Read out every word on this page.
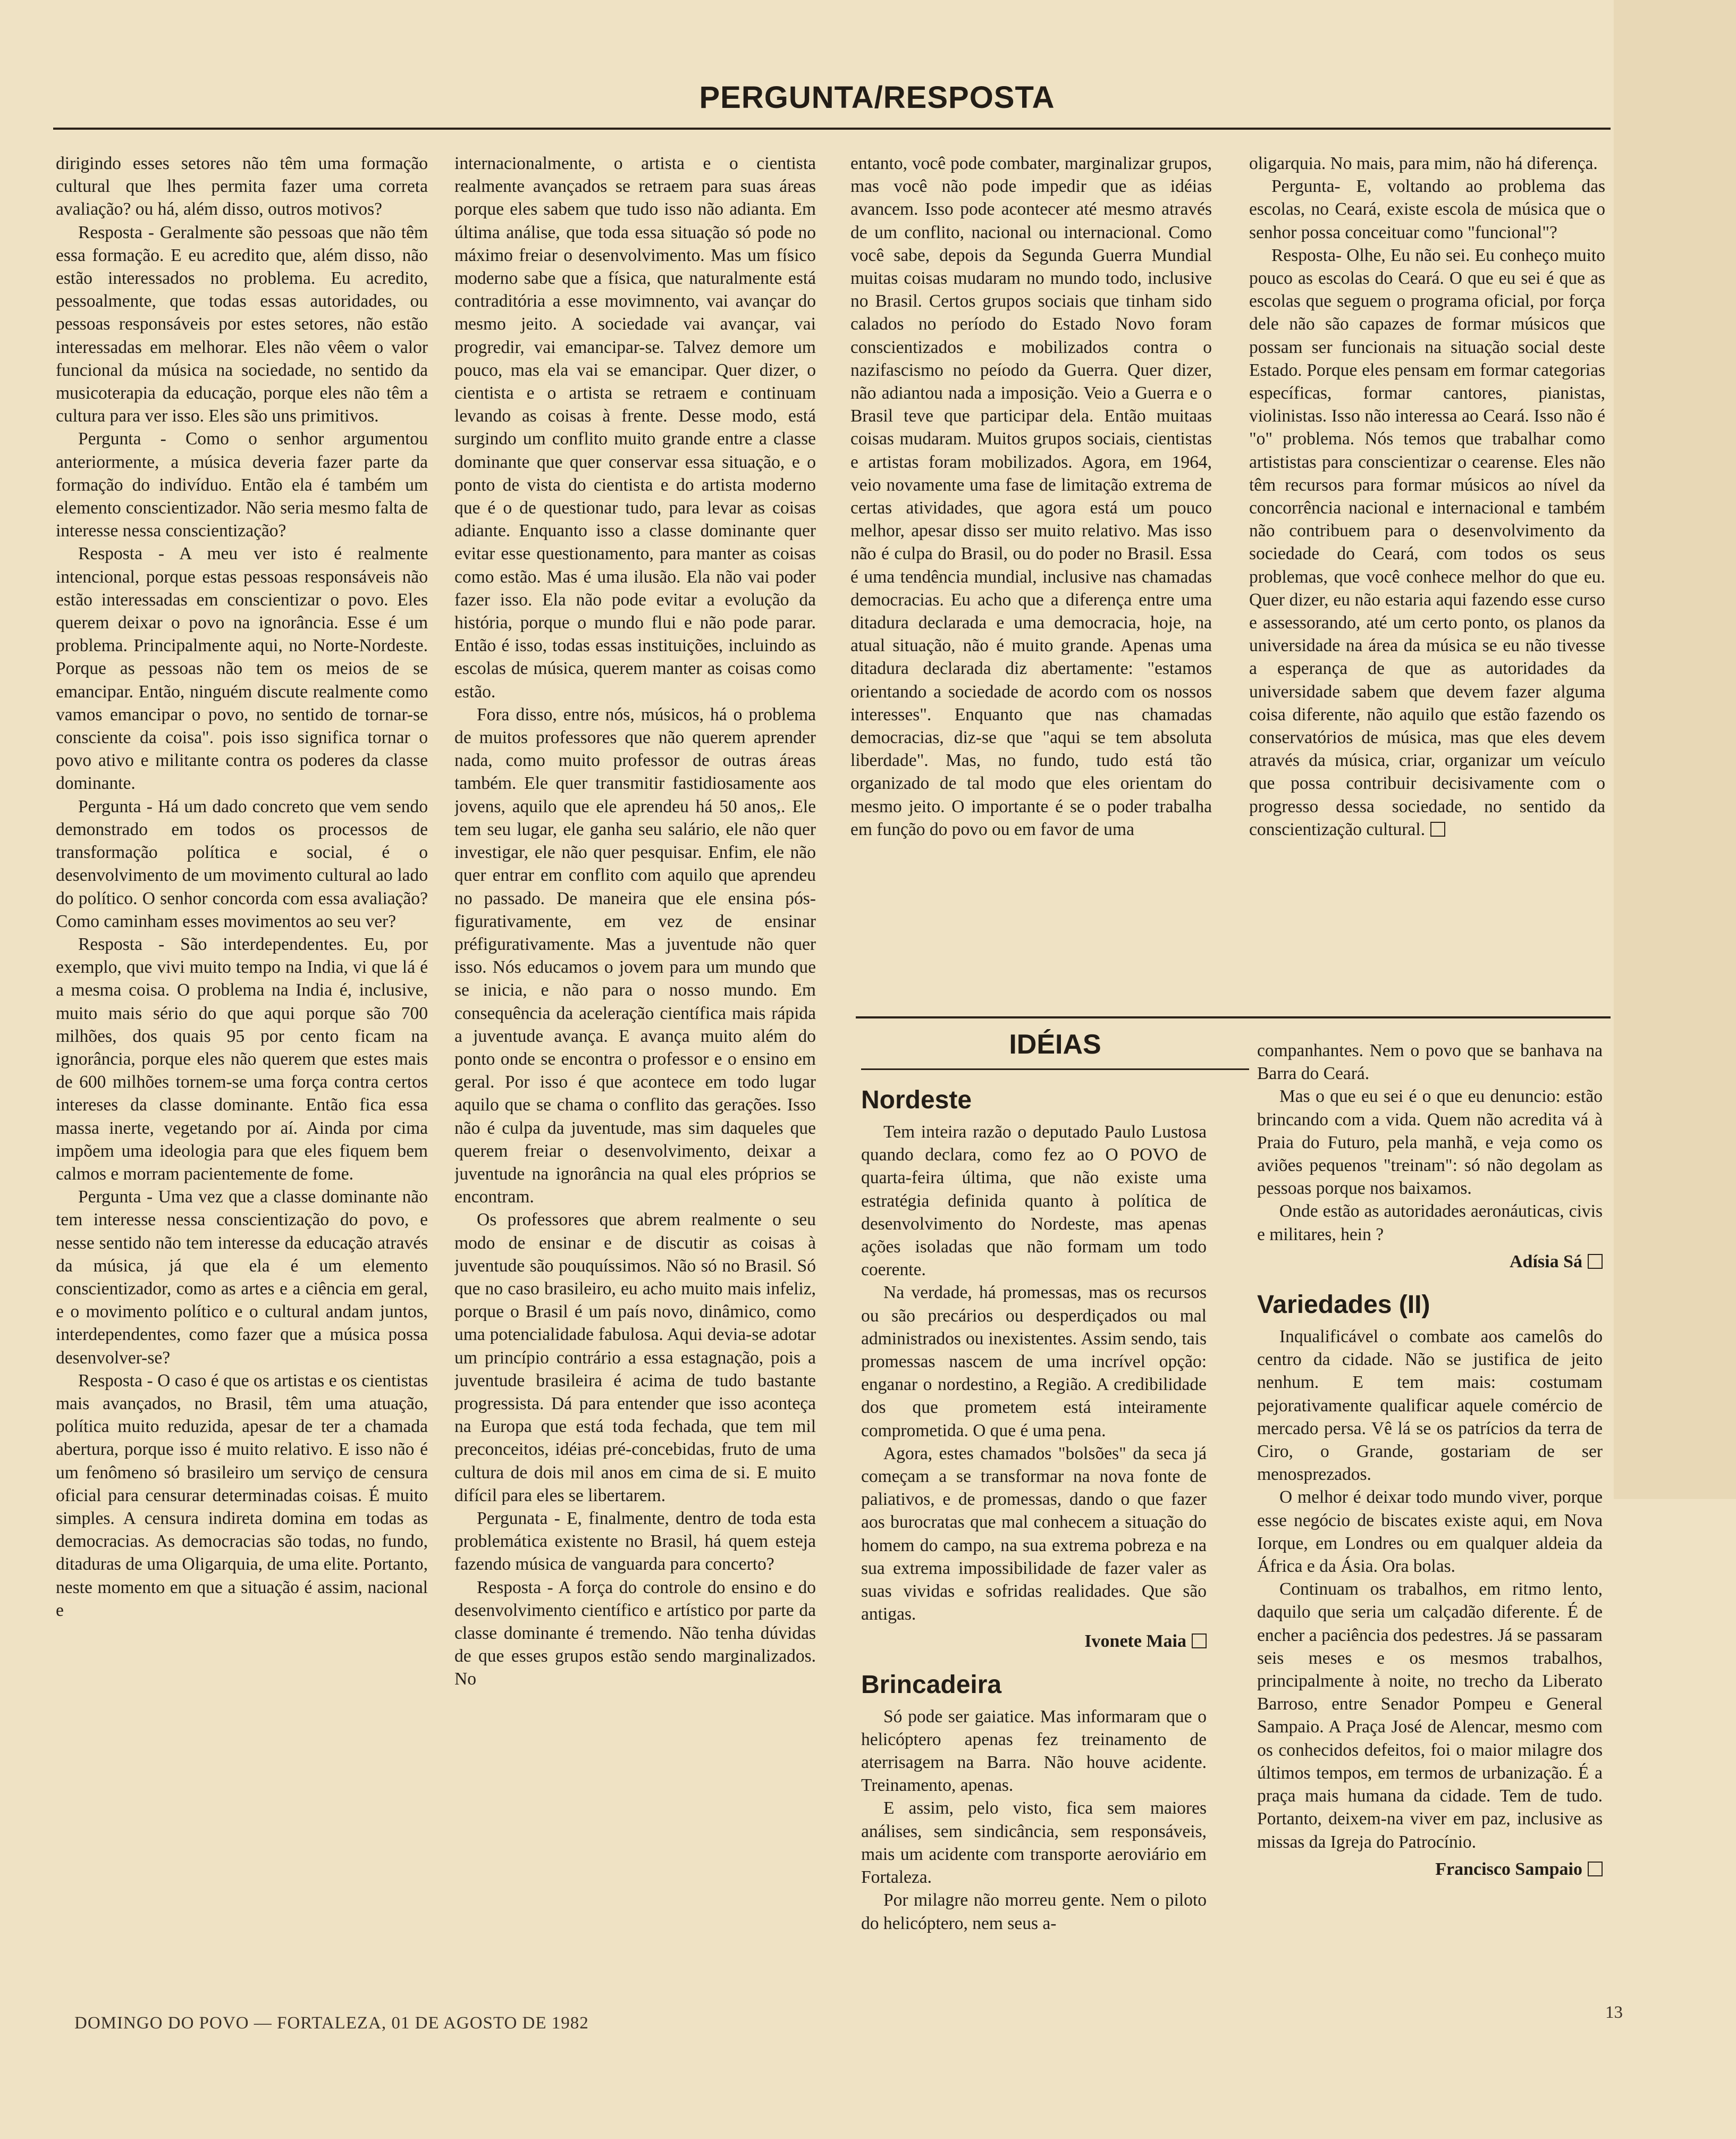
PERGUNTA/RESPOSTA

dirigindo esses setores não têm uma formação cultural que lhes permita fazer uma correta avaliação? ou há, além disso, outros motivos?

Resposta - Geralmente são pessoas que não têm essa formação. E eu acredito que, além disso, não estão interessados no problema. Eu acredito, pessoalmente, que todas essas autoridades, ou pessoas responsáveis por estes setores, não estão interessadas em melhorar. Eles não vêem o valor funcional da música na sociedade, no sentido da musicoterapia da educação, porque eles não têm a cultura para ver isso. Eles são uns primitivos.

Pergunta - Como o senhor argumentou anteriormente, a música deveria fazer parte da formação do indivíduo. Então ela é também um elemento conscientizador. Não seria mesmo falta de interesse nessa conscientização?

Resposta - A meu ver isto é realmente intencional, porque estas pessoas responsáveis não estão interessadas em conscientizar o povo. Eles querem deixar o povo na ignorância. Esse é um problema. Principalmente aqui, no Norte-Nordeste. Porque as pessoas não tem os meios de se emancipar. Então, ninguém discute realmente como vamos emancipar o povo, no sentido de tornar-se consciente da coisa". pois isso significa tornar o povo ativo e militante contra os poderes da classe dominante.

Pergunta - Há um dado concreto que vem sendo demonstrado em todos os processos de transformação política e social, é o desenvolvimento de um movimento cultural ao lado do político. O senhor concorda com essa avaliação? Como caminham esses movimentos ao seu ver?

Resposta - São interdependentes. Eu, por exemplo, que vivi muito tempo na India, vi que lá é a mesma coisa. O problema na India é, inclusive, muito mais sério do que aqui porque são 700 milhões, dos quais 95 por cento ficam na ignorância, porque eles não querem que estes mais de 600 milhões tornem-se uma força contra certos intereses da classe dominante. Então fica essa massa inerte, vegetando por aí. Ainda por cima impõem uma ideologia para que eles fiquem bem calmos e morram pacientemente de fome.

Pergunta - Uma vez que a classe dominante não tem interesse nessa conscientização do povo, e nesse sentido não tem interesse da educação através da música, já que ela é um elemento conscientizador, como as artes e a ciência em geral, e o movimento político e o cultural andam juntos, interdependentes, como fazer que a música possa desenvolver-se?

Resposta - O caso é que os artistas e os cientistas mais avançados, no Brasil, têm uma atuação, política muito reduzida, apesar de ter a chamada abertura, porque isso é muito relativo. E isso não é um fenômeno só brasileiro um serviço de censura oficial para censurar determinadas coisas. É muito simples. A censura indireta domina em todas as democracias. As democracias são todas, no fundo, ditaduras de uma Oligarquia, de uma elite. Portanto, neste momento em que a situação é assim, nacional e

internacionalmente, o artista e o cientista realmente avançados se retraem para suas áreas porque eles sabem que tudo isso não adianta. Em última análise, que toda essa situação só pode no máximo freiar o desenvolvimento. Mas um físico moderno sabe que a física, que naturalmente está contraditória a esse movimnento, vai avançar do mesmo jeito. A sociedade vai avançar, vai progredir, vai emancipar-se. Talvez demore um pouco, mas ela vai se emancipar. Quer dizer, o cientista e o artista se retraem e continuam levando as coisas à frente. Desse modo, está surgindo um conflito muito grande entre a classe dominante que quer conservar essa situação, e o ponto de vista do cientista e do artista moderno que é o de questionar tudo, para levar as coisas adiante. Enquanto isso a classe dominante quer evitar esse questionamento, para manter as coisas como estão. Mas é uma ilusão. Ela não vai poder fazer isso. Ela não pode evitar a evolução da história, porque o mundo flui e não pode parar. Então é isso, todas essas instituições, incluindo as escolas de música, querem manter as coisas como estão.

Fora disso, entre nós, músicos, há o problema de muitos professores que não querem aprender nada, como muito professor de outras áreas também. Ele quer transmitir fastidiosamente aos jovens, aquilo que ele aprendeu há 50 anos,. Ele tem seu lugar, ele ganha seu salário, ele não quer investigar, ele não quer pesquisar. Enfim, ele não quer entrar em conflito com aquilo que aprendeu no passado. De maneira que ele ensina pós-figurativamente, em vez de ensinar préfigurativamente. Mas a juventude não quer isso. Nós educamos o jovem para um mundo que se inicia, e não para o nosso mundo. Em consequência da aceleração científica mais rápida a juventude avança. E avança muito além do ponto onde se encontra o professor e o ensino em geral. Por isso é que acontece em todo lugar aquilo que se chama o conflito das gerações. Isso não é culpa da juventude, mas sim daqueles que querem freiar o desenvolvimento, deixar a juventude na ignorância na qual eles próprios se encontram.

Os professores que abrem realmente o seu modo de ensinar e de discutir as coisas à juventude são pouquíssimos. Não só no Brasil. Só que no caso brasileiro, eu acho muito mais infeliz, porque o Brasil é um país novo, dinâmico, como uma potencialidade fabulosa. Aqui devia-se adotar um princípio contrário a essa estagnação, pois a juventude brasileira é acima de tudo bastante progressista. Dá para entender que isso aconteça na Europa que está toda fechada, que tem mil preconceitos, idéias pré-concebidas, fruto de uma cultura de dois mil anos em cima de si. E muito difícil para eles se libertarem.

Pergunata - E, finalmente, dentro de toda esta problemática existente no Brasil, há quem esteja fazendo música de vanguarda para concerto?

Resposta - A força do controle do ensino e do desenvolvimento científico e artístico por parte da classe dominante é tremendo. Não tenha dúvidas de que esses grupos estão sendo marginalizados. No

entanto, você pode combater, marginalizar grupos, mas você não pode impedir que as idéias avancem. Isso pode acontecer até mesmo através de um conflito, nacional ou internacional. Como você sabe, depois da Segunda Guerra Mundial muitas coisas mudaram no mundo todo, inclusive no Brasil. Certos grupos sociais que tinham sido calados no período do Estado Novo foram conscientizados e mobilizados contra o nazifascismo no peíodo da Guerra. Quer dizer, não adiantou nada a imposição. Veio a Guerra e o Brasil teve que participar dela. Então muitaas coisas mudaram. Muitos grupos sociais, cientistas e artistas foram mobilizados. Agora, em 1964, veio novamente uma fase de limitação extrema de certas atividades, que agora está um pouco melhor, apesar disso ser muito relativo. Mas isso não é culpa do Brasil, ou do poder no Brasil. Essa é uma tendência mundial, inclusive nas chamadas democracias. Eu acho que a diferença entre uma ditadura declarada e uma democracia, hoje, na atual situação, não é muito grande. Apenas uma ditadura declarada diz abertamente: "estamos orientando a sociedade de acordo com os nossos interesses". Enquanto que nas chamadas democracias, diz-se que "aqui se tem absoluta liberdade". Mas, no fundo, tudo está tão organizado de tal modo que eles orientam do mesmo jeito. O importante é se o poder trabalha em função do povo ou em favor de uma

oligarquia. No mais, para mim, não há diferença.

Pergunta- E, voltando ao problema das escolas, no Ceará, existe escola de música que o senhor possa conceituar como "funcional"?

Resposta- Olhe, Eu não sei. Eu conheço muito pouco as escolas do Ceará. O que eu sei é que as escolas que seguem o programa oficial, por força dele não são capazes de formar músicos que possam ser funcionais na situação social deste Estado. Porque eles pensam em formar categorias específicas, formar cantores, pianistas, violinistas. Isso não interessa ao Ceará. Isso não é "o" problema. Nós temos que trabalhar como artististas para conscientizar o cearense. Eles não têm recursos para formar músicos ao nível da concorrência nacional e internacional e também não contribuem para o desenvolvimento da sociedade do Ceará, com todos os seus problemas, que você conhece melhor do que eu. Quer dizer, eu não estaria aqui fazendo esse curso e assessorando, até um certo ponto, os planos da universidade na área da música se eu não tivesse a esperança de que as autoridades da universidade sabem que devem fazer alguma coisa diferente, não aquilo que estão fazendo os conservatórios de música, mas que eles devem através da música, criar, organizar um veículo que possa contribuir decisivamente com o progresso dessa sociedade, no sentido da conscientização cultural.

IDÉIAS
Nordeste

Tem inteira razão o deputado Paulo Lustosa quando declara, como fez ao O POVO de quarta-feira última, que não existe uma estratégia definida quanto à política de desenvolvimento do Nordeste, mas apenas ações isoladas que não formam um todo coerente.

Na verdade, há promessas, mas os recursos ou são precários ou desperdiçados ou mal administrados ou inexistentes. Assim sendo, tais promessas nascem de uma incrível opção: enganar o nordestino, a Região. A credibilidade dos que prometem está inteiramente comprometida. O que é uma pena.

Agora, estes chamados "bolsões" da seca já começam a se transformar na nova fonte de paliativos, e de promessas, dando o que fazer aos burocratas que mal conhecem a situação do homem do campo, na sua extrema pobreza e na sua extrema impossibilidade de fazer valer as suas vividas e sofridas realidades. Que são antigas.

Ivonete Maia
Brincadeira

Só pode ser gaiatice. Mas informaram que o helicóptero apenas fez treinamento de aterrisagem na Barra. Não houve acidente. Treinamento, apenas.

E assim, pelo visto, fica sem maiores análises, sem sindicância, sem responsáveis, mais um acidente com transporte aeroviário em Fortaleza.

Por milagre não morreu gente. Nem o piloto do helicóptero, nem seus a-

companhantes. Nem o povo que se banhava na Barra do Ceará.

Mas o que eu sei é o que eu denuncio: estão brincando com a vida. Quem não acredita vá à Praia do Futuro, pela manhã, e veja como os aviões pequenos "treinam": só não degolam as pessoas porque nos baixamos.

Onde estão as autoridades aeronáuticas, civis e militares, hein ?

Adísia Sá
Variedades (II)

Inqualificável o combate aos camelôs do centro da cidade. Não se justifica de jeito nenhum. E tem mais: costumam pejorativamente qualificar aquele comércio de mercado persa. Vê lá se os patrícios da terra de Ciro, o Grande, gostariam de ser menosprezados.

O melhor é deixar todo mundo viver, porque esse negócio de biscates existe aqui, em Nova Iorque, em Londres ou em qualquer aldeia da África e da Ásia. Ora bolas.

Continuam os trabalhos, em ritmo lento, daquilo que seria um calçadão diferente. É de encher a paciência dos pedestres. Já se passaram seis meses e os mesmos trabalhos, principalmente à noite, no trecho da Liberato Barroso, entre Senador Pompeu e General Sampaio. A Praça José de Alencar, mesmo com os conhecidos defeitos, foi o maior milagre dos últimos tempos, em termos de urbanização. É a praça mais humana da cidade. Tem de tudo. Portanto, deixem-na viver em paz, inclusive as missas da Igreja do Patrocínio.

Francisco Sampaio
DOMINGO DO POVO — FORTALEZA, 01 DE AGOSTO DE 1982
13
